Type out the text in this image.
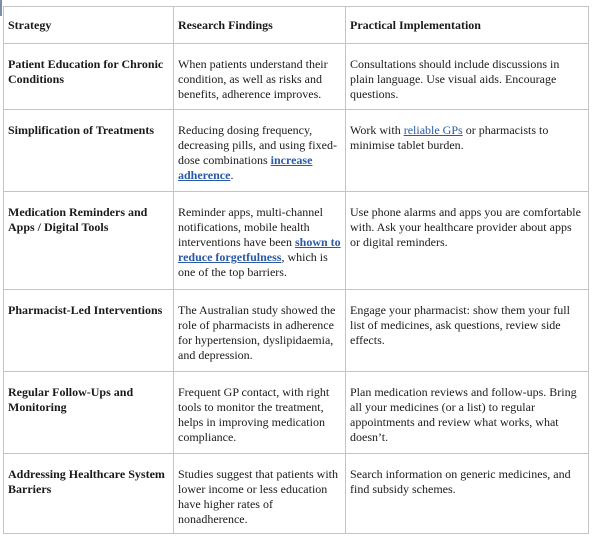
Strategy	Research Findings	Practical Implementation
Patient Education for Chronic Conditions	When patients understand their condition, as well as risks and benefits, adherence improves.	Consultations should include discussions in plain language. Use visual aids. Encourage questions.
Simplification of Treatments	Reducing dosing frequency, decreasing pills, and using fixed-dose combinations increase adherence.	Work with reliable GPs or pharmacists to minimise tablet burden.
Medication Reminders and Apps / Digital Tools	Reminder apps, multi-channel notifications, mobile health interventions have been shown to reduce forgetfulness, which is one of the top barriers.	Use phone alarms and apps you are comfortable with. Ask your healthcare provider about apps or digital reminders.
Pharmacist-Led Interventions	The Australian study showed the role of pharmacists in adherence for hypertension, dyslipidaemia, and depression.	Engage your pharmacist: show them your full list of medicines, ask questions, review side effects.
Regular Follow-Ups and Monitoring	Frequent GP contact, with right tools to monitor the treatment, helps in improving medication compliance.	Plan medication reviews and follow-ups. Bring all your medicines (or a list) to regular appointments and review what works, what doesn’t.
Addressing Healthcare System Barriers	Studies suggest that patients with lower income or less education have higher rates of nonadherence.	Search information on generic medicines, and find subsidy schemes.
